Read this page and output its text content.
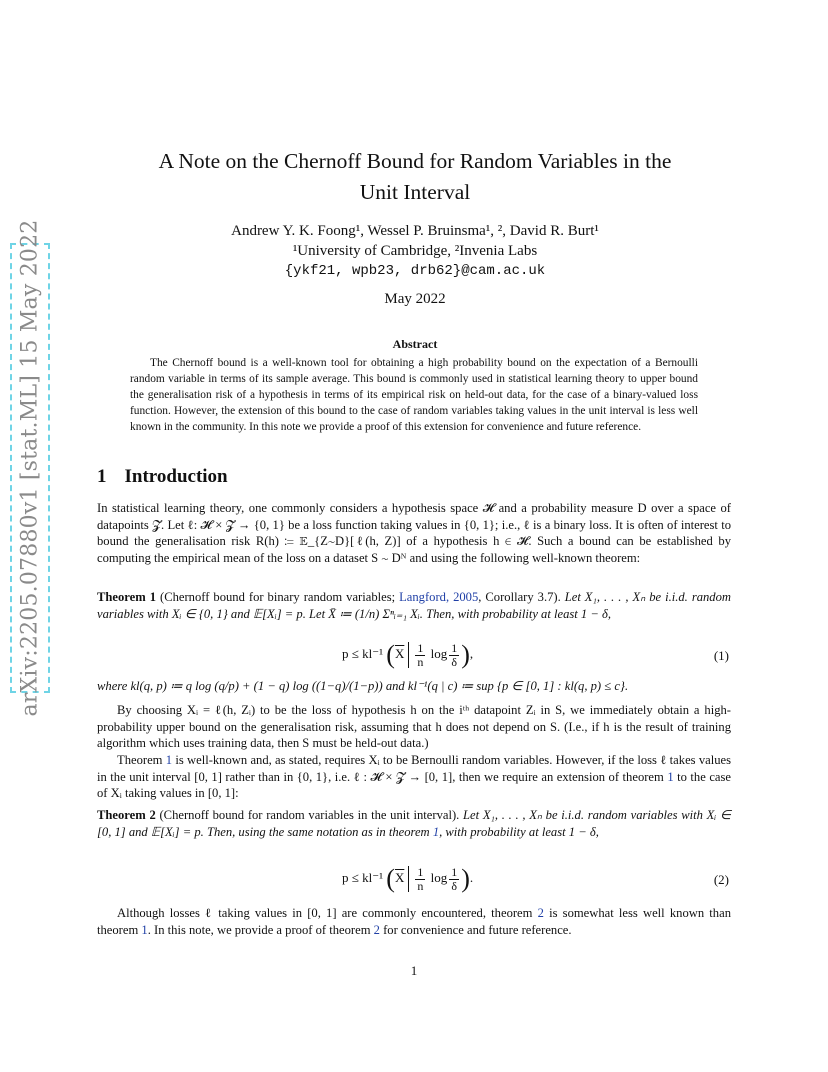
arXiv:2205.07880v1 [stat.ML] 15 May 2022
A Note on the Chernoff Bound for Random Variables in the
Unit Interval
Andrew Y. K. Foong¹, Wessel P. Bruinsma¹, ², David R. Burt¹
¹University of Cambridge, ²Invenia Labs
{ykf21, wpb23, drb62}@cam.ac.uk
May 2022
Abstract
The Chernoff bound is a well-known tool for obtaining a high probability bound on the expectation of a Bernoulli random variable in terms of its sample average. This bound is commonly used in statistical learning theory to upper bound the generalisation risk of a hypothesis in terms of its empirical risk on held-out data, for the case of a binary-valued loss function. However, the extension of this bound to the case of random variables taking values in the unit interval is less well known in the community. In this note we provide a proof of this extension for convenience and future reference.
1 Introduction
In statistical learning theory, one commonly considers a hypothesis space 𝓗 and a probability measure D over a space of datapoints 𝓩. Let ℓ: 𝓗 × 𝓩 → {0, 1} be a loss function taking values in {0, 1}; i.e., ℓ is a binary loss. It is often of interest to bound the generalisation risk R(h) ≔ 𝔼_{Z∼D}[ℓ(h, Z)] of a hypothesis h ∈ 𝓗. Such a bound can be established by computing the empirical mean of the loss on a dataset S ∼ Dᴺ and using the following well-known theorem:
Theorem 1 (Chernoff bound for binary random variables; Langford, 2005, Corollary 3.7). Let X₁, . . . , Xₙ be i.i.d. random variables with Xᵢ ∈ {0, 1} and 𝔼[Xᵢ] = p. Let X̄ ≔ (1/n) Σⁿᵢ₌₁ Xᵢ. Then, with probability at least 1 − δ,
p ≤ kl⁻¹ ($\overline{X} \frac{1}{n}$ $\log \frac{1}{\delta}$ ),	(1)
where kl(q, p) ≔ q log (q/p) + (1 − q) log ((1−q)/(1−p)) and kl⁻¹(q | c) ≔ sup {p ∈ [0, 1] : kl(q, p) ≤ c}.
By choosing Xᵢ = ℓ(h, Zᵢ) to be the loss of hypothesis h on the iᵗʰ datapoint Zᵢ in S, we immediately obtain a high-probability upper bound on the generalisation risk, assuming that h does not depend on S. (I.e., if h is the result of training algorithm which uses training data, then S must be held-out data.)
Theorem 1 is well-known and, as stated, requires Xᵢ to be Bernoulli random variables. However, if the loss ℓ takes values in the unit interval [0, 1] rather than in {0, 1}, i.e. ℓ : 𝓗 × 𝓩 → [0, 1], then we require an extension of theorem 1 to the case of Xᵢ taking values in [0, 1]:
Theorem 2 (Chernoff bound for random variables in the unit interval). Let X₁, . . . , Xₙ be i.i.d. random variables with Xᵢ ∈ [0, 1] and 𝔼[Xᵢ] = p. Then, using the same notation as in theorem 1, with probability at least 1 − δ,
p ≤ kl⁻¹ ($\overline{X} \frac{1}{n}$ $\log \frac{1}{\delta}$ ).	(2)
Although losses ℓ taking values in [0, 1] are commonly encountered, theorem 2 is somewhat less well known than theorem 1. In this note, we provide a proof of theorem 2 for convenience and future reference.
1
